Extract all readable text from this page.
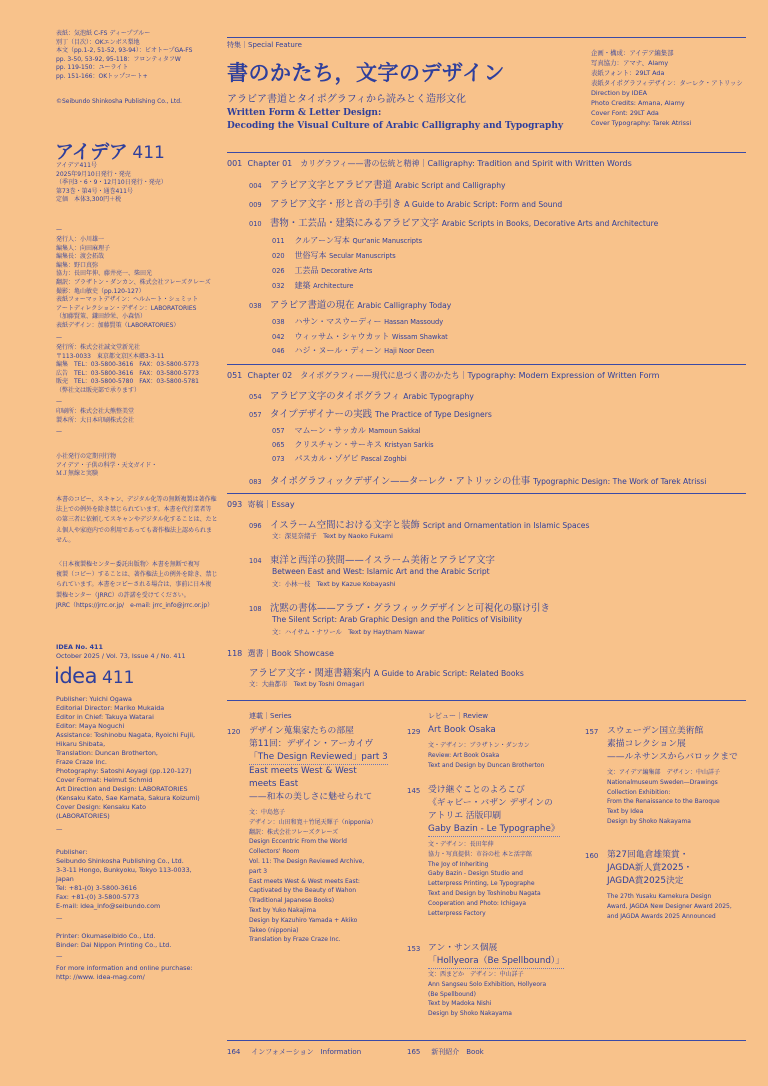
表紙：気泡紙 C-FS ディープブルー
別丁（目次）：OKエンボス梨地
本文（pp.1-2, 51-52, 93-94）：ビオトープGA-FS
pp. 3-50, 53-92, 95-118：フロンティタフW
pp. 119-150：ユーライト
pp. 151-166：OKトップコート+
©Seibundo Shinkosha Publishing Co., Ltd.
アイデア 411
アイデア411号
2025年9月10日発行・発売
（季刊3・6・9・12月10日発行・発売）
第73巻・第4号・通巻411号
定価　本体3,300円＋税
—
発行人：小川雄一
編集人：向田麻理子
編集長：渡会拓哉
編集：野口真弥
協力：長田年伸、藤井亮一、柴田光
翻訳：ブラザトン・ダンカン、株式会社フレーズクレーズ
撮影：亀山敏史（pp.120-127）
表紙フォーマットデザイン：ヘルムート・シュミット
アートディレクション・デザイン：LABORATORIES
（加藤賢策、鎌田紗栄、小森悟）
表紙デザイン：加藤賢策（LABORATORIES）
—
発行所：株式会社誠文堂新光社
〒113-0033　東京都文京区本郷3-3-11
編集　TEL：03-5800-3616　FAX：03-5800-5773
広告　TEL：03-5800-3616　FAX：03-5800-5773
販売　TEL：03-5800-5780　FAX：03-5800-5781
（弊社文は販売部で承ります）
—
印刷所：株式会社大熊整美堂
製本所：大日本印刷株式会社
—
小社発行の定期刊行物
アイデア・子供の科学・天文ガイド・
ＭＪ無線と実験
本書のコピー、スキャン、デジタル化等の無断複製は著作権
法上での例外を除き禁じられています。本書を代行業者等
の第三者に依頼してスキャンやデジタル化することは、たと
え個人や家庭内での利用であっても著作権法上認められま
せん。
〈日本複製権センター委託出版物〉本書を無断で複写
複製（コピー）することは、著作権法上の例外を除き、禁じ
られています。本書をコピーされる場合は、事前に日本複
製権センター（JRRC）の許諾を受けてください。
JRRC（https://jrrc.or.jp/　e-mail: jrrc_info@jrrc.or.jp）
IDEA No. 411
October 2025 / Vol. 73, Issue 4 / No. 411
idea 411
Publisher: Yuichi Ogawa
Editorial Director: Mariko Mukaida
Editor in Chief: Takuya Watarai
Editor: Maya Noguchi
Assistance: Toshinobu Nagata, Ryoichi Fujii,
Hikaru Shibata,
Translation: Duncan Brotherton,
Fraze Craze Inc.
Photography: Satoshi Aoyagi (pp.120-127)
Cover Format: Helmut Schmid
Art Direction and Design: LABORATORIES
(Kensaku Kato, Sae Kamata, Sakura Koizumi)
Cover Design: Kensaku Kato
(LABORATORIES)
—
Publisher:
Seibundo Shinkosha Publishing Co., Ltd.
3-3-11 Hongo, Bunkyoku, Tokyo 113-0033,
Japan
Tel: +81-(0) 3-5800-3616
Fax: +81-(0) 3-5800-5773
E-mail: idea_info@seibundo.com
—
Printer: Okumaseibido Co., Ltd.
Binder: Dai Nippon Printing Co., Ltd.
—
For more information and online purchase:
http: //www. idea-mag.com/
特集｜Special Feature
書のかたち，文字のデザイン
アラビア書道とタイポグラフィから読みとく造形文化
Written Form & Letter Design:
Decoding the Visual Culture of Arabic Calligraphy and Typography
企画・構成：アイデア編集部
写真協力：アマナ、Alamy
表紙フォント：29LT Ada
表紙タイポグラフィデザイン：ターレク・アトリッシ
Direction by IDEA
Photo Credits: Amana, Alamy
Cover Font: 29LT Ada
Cover Typography: Tarek Atrissi
001 Chapter 01　カリグラフィ——書の伝統と精神｜Calligraphy: Tradition and Spirit with Written Words
004 アラビア文字とアラビア書道 Arabic Script and Calligraphy
009 アラビア文字・形と音の手引き A Guide to Arabic Script: Form and Sound
010 書物・工芸品・建築にみるアラビア文字 Arabic Scripts in Books, Decorative Arts and Architecture
011 クルアーン写本 Qur'anic Manuscripts
020 世俗写本 Secular Manuscripts
026 工芸品 Decorative Arts
032 建築 Architecture
038 アラビア書道の現在 Arabic Calligraphy Today
038 ハサン・マスウーディー Hassan Massoudy
042 ウィッサム・シャウカット Wissam Shawkat
046 ハジ・ヌール・ディーン Haji Noor Deen
051 Chapter 02　タイポグラフィ——現代に息づく書のかたち｜Typography: Modern Expression of Written Form
054 アラビア文字のタイポグラフィ Arabic Typography
057 タイプデザイナーの実践 The Practice of Type Designers
057 マムーン・サッカル Mamoun Sakkal
065 クリスチャン・サーキス Kristyan Sarkis
073 パスカル・ゾゲビ Pascal Zoghbi
083 タイポグラフィックデザイン——ターレク・アトリッシの仕事 Typographic Design: The Work of Tarek Atrissi
093 寄稿｜Essay
096 イスラーム空間における文字と装飾 Script and Ornamentation in Islamic Spaces
文：深見奈緒子　Text by Naoko Fukami
104 東洋と西洋の狭間——イスラーム美術とアラビア文字
Between East and West: Islamic Art and the Arabic Script
文：小林一枝　Text by Kazue Kobayashi
108 沈黙の書体——アラブ・グラフィックデザインと可視化の駆け引き
The Silent Script: Arab Graphic Design and the Politics of Visibility
文：ハイサム・ナワール　Text by Haytham Nawar
118 選書｜Book Showcase
アラビア文字・関連書籍案内 A Guide to Arabic Script: Related Books
文：大曲都市　Text by Toshi Omagari
連載｜Series
120 デザイン蒐集家たちの部屋
第11回：デザイン・アーカイヴ
「The Design Reviewed」part 3
East meets West & West
meets East
——和本の美しさに魅せられて
文：中島悠子
デザイン：山田和寛＋竹尾天輝子（nipponia）
翻訳：株式会社フレーズクレーズ
Design Eccentric From the World
Collectors' Room
Vol. 11: The Design Reviewed Archive,
part 3
East meets West & West meets East:
Captivated by the Beauty of Wahon
(Traditional Japanese Books)
Text by Yuko Nakajima
Design by Kazuhiro Yamada + Akiko
Takeo (nipponia)
Translation by Fraze Craze Inc.
レビュー｜Review
129 Art Book Osaka
文・デザイン：ブラザトン・ダンカン
Review: Art Book Osaka
Text and Design by Duncan Brotherton
145 受け継ぐことのよろこび
《ギャビー・バザン デザインの
アトリエ 活版印刷
Gaby Bazin - Le Typographe》
文・デザイン：長田年伸
協力・写真提供：市谷の杜 本と活字館
The Joy of Inheriting
Gaby Bazin - Design Studio and
Letterpress Printing, Le Typographe
Text and Design by Toshinobu Nagata
Cooperation and Photo: Ichigaya
Letterpress Factory
153 アン・サンス個展
「Hollyeora（Be Spellbound）」
文：西まどか　デザイン：中山詳子
Ann Sangseu Solo Exhibition, Hollyeora
(Be Spellbound)
Text by Madoka Nishi
Design by Shoko Nakayama
157 スウェーデン国立美術館
素描コレクション展
——ルネサンスからバロックまで
文：アイデア編集部　デザイン：中山詳子
Nationalmuseum Sweden—Drawings
Collection Exhibition:
From the Renaissance to the Baroque
Text by Idea
Design by Shoko Nakayama
160 第27回亀倉雄策賞・
JAGDA新人賞2025・
JAGDA賞2025決定
The 27th Yusaku Kamekura Design
Award, JAGDA New Designer Award 2025,
and JAGDA Awards 2025 Announced
164 インフォメーション　Information	165 新刊紹介　Book
